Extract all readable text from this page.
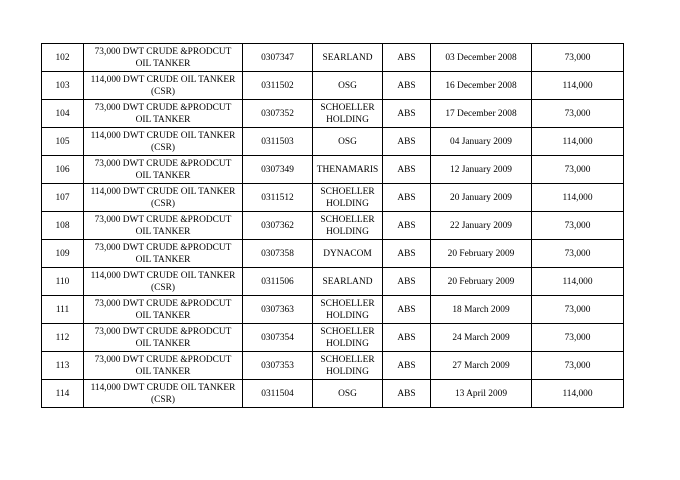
102	73,000 DWT CRUDE &PRODCUT OIL TANKER	0307347	SEARLAND	ABS	03 December 2008	73,000
103	114,000 DWT CRUDE OIL TANKER (CSR)	0311502	OSG	ABS	16 December 2008	114,000
104	73,000 DWT CRUDE &PRODCUT OIL TANKER	0307352	SCHOELLER HOLDING	ABS	17 December 2008	73,000
105	114,000 DWT CRUDE OIL TANKER (CSR)	0311503	OSG	ABS	04 January 2009	114,000
106	73,000 DWT CRUDE &PRODCUT OIL TANKER	0307349	THENAMARIS	ABS	12 January 2009	73,000
107	114,000 DWT CRUDE OIL TANKER (CSR)	0311512	SCHOELLER HOLDING	ABS	20 January 2009	114,000
108	73,000 DWT CRUDE &PRODCUT OIL TANKER	0307362	SCHOELLER HOLDING	ABS	22 January 2009	73,000
109	73,000 DWT CRUDE &PRODCUT OIL TANKER	0307358	DYNACOM	ABS	20 February 2009	73,000
110	114,000 DWT CRUDE OIL TANKER (CSR)	0311506	SEARLAND	ABS	20 February 2009	114,000
111	73,000 DWT CRUDE &PRODCUT OIL TANKER	0307363	SCHOELLER HOLDING	ABS	18 March 2009	73,000
112	73,000 DWT CRUDE &PRODCUT OIL TANKER	0307354	SCHOELLER HOLDING	ABS	24 March 2009	73,000
113	73,000 DWT CRUDE &PRODCUT OIL TANKER	0307353	SCHOELLER HOLDING	ABS	27 March 2009	73,000
114	114,000 DWT CRUDE OIL TANKER (CSR)	0311504	OSG	ABS	13 April 2009	114,000
